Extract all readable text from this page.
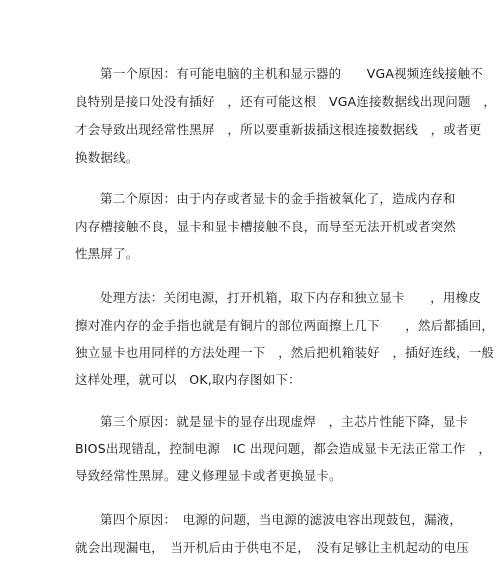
第一个原因：有可能电脑的主机和显示器的　　VGA视频连线接触不
良特别是接口处没有插好　，还有可能这根　VGA连接数据线出现问题　，
才会导致出现经常性黑屏　，所以要重新拔插这根连接数据线　，或者更
换数据线。
第二个原因：由于内存或者显卡的金手指被氧化了，造成内存和
内存槽接触不良，显卡和显卡槽接触不良，而导至无法开机或者突然
性黑屏了。
处理方法：关闭电源，打开机箱，取下内存和独立显卡　　，用橡皮
擦对准内存的金手指也就是有铜片的部位两面擦上几下　　，然后都插回，
独立显卡也用同样的方法处理一下　，然后把机箱装好　，插好连线，一般
这样处理，就可以　OK,取内存图如下：
第三个原因：就是显卡的显存出现虚焊　，主芯片性能下降，显卡
BIOS出现错乱，控制电源　IC 出现问题，都会造成显卡无法正常工作　，
导致经常性黑屏。建义修理显卡或者更换显卡。
第四个原因：　电源的问题，当电源的滤波电容出现鼓包，漏液，
就会出现漏电，　当开机后由于供电不足，　没有足够让主机起动的电压
